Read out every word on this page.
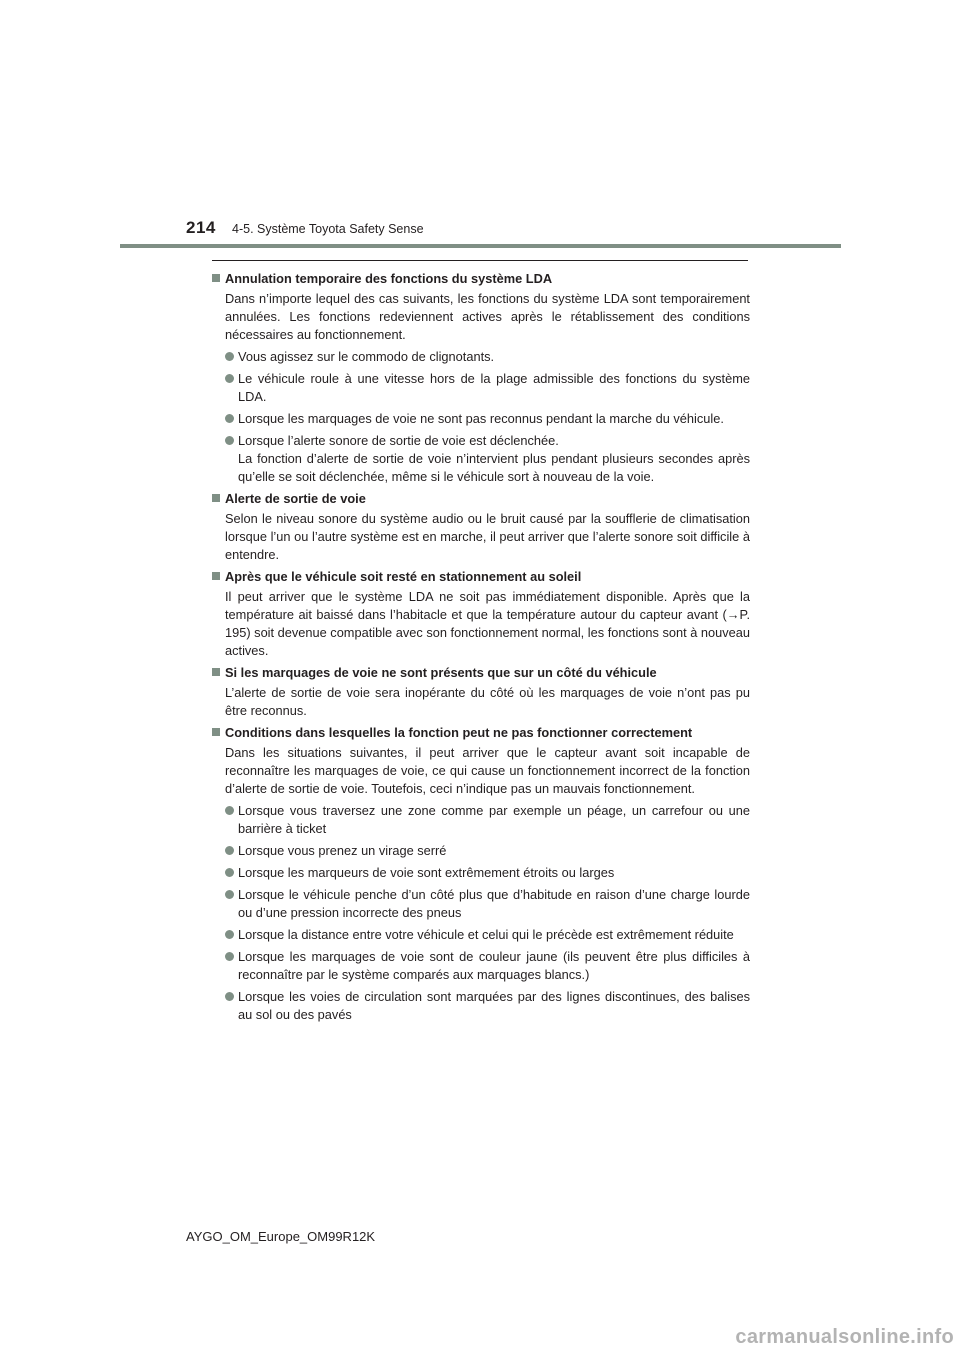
214 4-5. Système Toyota Safety Sense
Annulation temporaire des fonctions du système LDA
Dans n’importe lequel des cas suivants, les fonctions du système LDA sont temporairement annulées. Les fonctions redeviennent actives après le rétablissement des conditions nécessaires au fonctionnement.
Vous agissez sur le commodo de clignotants.
Le véhicule roule à une vitesse hors de la plage admissible des fonctions du système LDA.
Lorsque les marquages de voie ne sont pas reconnus pendant la marche du véhicule.
Lorsque l’alerte sonore de sortie de voie est déclenchée.
La fonction d’alerte de sortie de voie n’intervient plus pendant plusieurs secondes après qu’elle se soit déclenchée, même si le véhicule sort à nouveau de la voie.
Alerte de sortie de voie
Selon le niveau sonore du système audio ou le bruit causé par la soufflerie de climatisation lorsque l’un ou l’autre système est en marche, il peut arriver que l’alerte sonore soit difficile à entendre.
Après que le véhicule soit resté en stationnement au soleil
Il peut arriver que le système LDA ne soit pas immédiatement disponible. Après que la température ait baissé dans l’habitacle et que la température autour du capteur avant (→P. 195) soit devenue compatible avec son fonctionnement normal, les fonctions sont à nouveau actives.
Si les marquages de voie ne sont présents que sur un côté du véhicule
L’alerte de sortie de voie sera inopérante du côté où les marquages de voie n’ont pas pu être reconnus.
Conditions dans lesquelles la fonction peut ne pas fonctionner correctement
Dans les situations suivantes, il peut arriver que le capteur avant soit incapable de reconnaître les marquages de voie, ce qui cause un fonctionnement incorrect de la fonction d’alerte de sortie de voie. Toutefois, ceci n’indique pas un mauvais fonctionnement.
Lorsque vous traversez une zone comme par exemple un péage, un carrefour ou une barrière à ticket
Lorsque vous prenez un virage serré
Lorsque les marqueurs de voie sont extrêmement étroits ou larges
Lorsque le véhicule penche d’un côté plus que d’habitude en raison d’une charge lourde ou d’une pression incorrecte des pneus
Lorsque la distance entre votre véhicule et celui qui le précède est extrêmement réduite
Lorsque les marquages de voie sont de couleur jaune (ils peuvent être plus difficiles à reconnaître par le système comparés aux marquages blancs.)
Lorsque les voies de circulation sont marquées par des lignes discontinues, des balises au sol ou des pavés
AYGO_OM_Europe_OM99R12K
carmanualsonline.info
